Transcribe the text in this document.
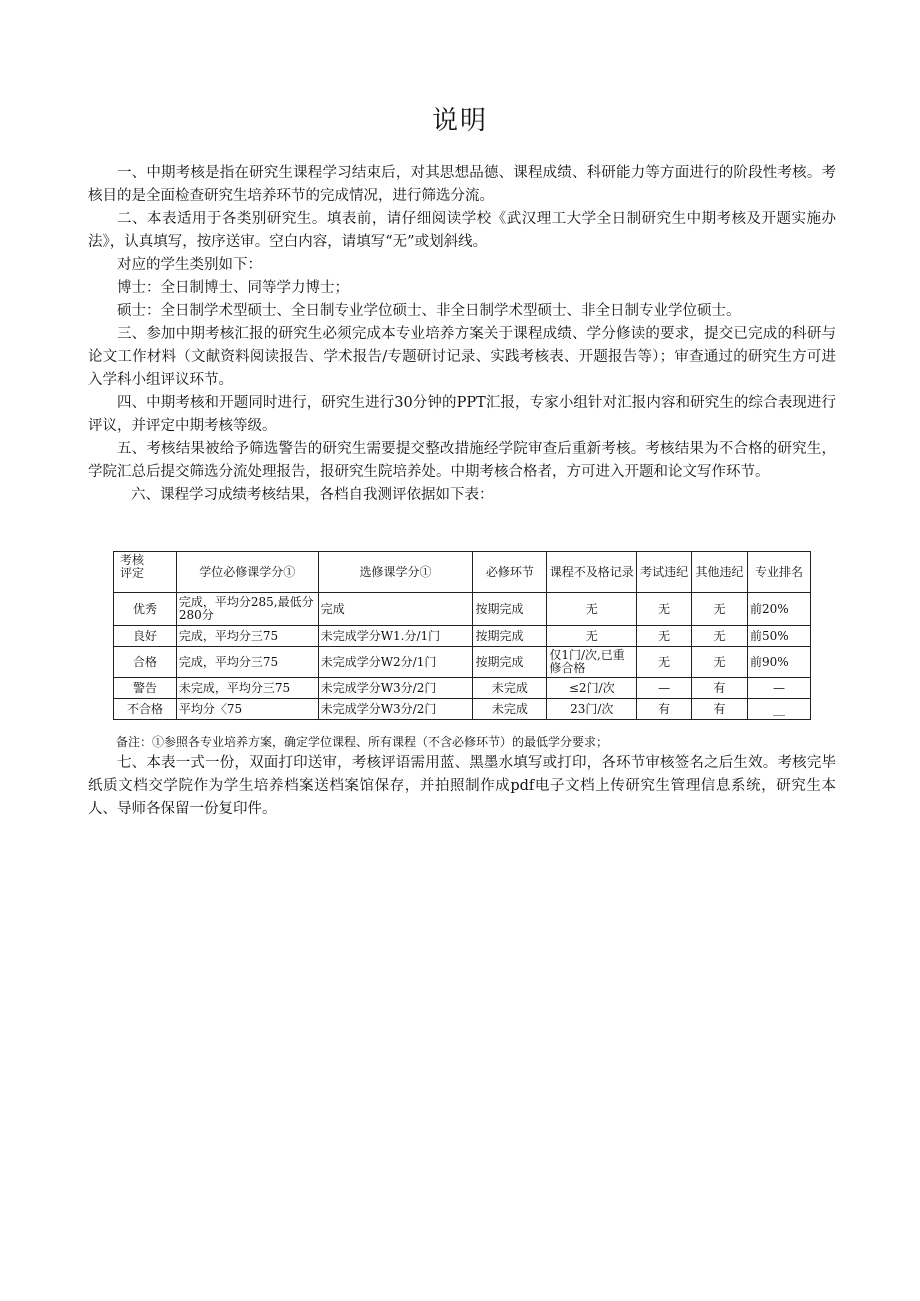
说明

一、中期考核是指在研究生课程学习结束后，对其思想品德、课程成绩、科研能力等方面进行的阶段性考核。考核目的是全面检查研究生培养环节的完成情况，进行筛选分流。

二、本表适用于各类别研究生。填表前，请仔细阅读学校《武汉理工大学全日制研究生中期考核及开题实施办法》，认真填写，按序送审。空白内容，请填写“无”或划斜线。

对应的学生类别如下：

博士：全日制博士、同等学力博士；

硕士：全日制学术型硕士、全日制专业学位硕士、非全日制学术型硕士、非全日制专业学位硕士。

三、参加中期考核汇报的研究生必须完成本专业培养方案关于课程成绩、学分修读的要求，提交已完成的科研与论文工作材料（文献资料阅读报告、学术报告/专题研讨记录、实践考核表、开题报告等）；审查通过的研究生方可进入学科小组评议环节。

四、中期考核和开题同时进行，研究生进行30分钟的PPT汇报，专家小组针对汇报内容和研究生的综合表现进行评议，并评定中期考核等级。

五、考核结果被给予筛选警告的研究生需要提交整改措施经学院审查后重新考核。考核结果为不合格的研究生，学院汇总后提交筛选分流处理报告，报研究生院培养处。中期考核合格者，方可进入开题和论文写作环节。

六、课程学习成绩考核结果，各档自我测评依据如下表：

考核
评定	学位必修课学分①	选修课学分①	必修环节	课程不及格记录	考试违纪	其他违纪	专业排名
优秀	完成，平均分285,最低分280分	完成	按期完成	无	无	无	前20%
良好	完成，平均分三75	未完成学分W1.分/1门	按期完成	无	无	无	前50%
合格	完成，平均分三75	未完成学分W2分/1门	按期完成	仅1门/次,已重修合格	无	无	前90%
警告	未完成，平均分三75	未完成学分W3分/2门	未完成	≤2门/次	—	有	—
不合格	平均分〈75	未完成学分W3分/2门	未完成	23门/次	有	有	__
备注：①参照各专业培养方案，确定学位课程、所有课程（不含必修环节）的最低学分要求；

七、本表一式一份，双面打印送审，考核评语需用蓝、黑墨水填写或打印，各环节审核签名之后生效。考核完毕纸质文档交学院作为学生培养档案送档案馆保存，并拍照制作成pdf电子文档上传研究生管理信息系统，研究生本人、导师各保留一份复印件。
